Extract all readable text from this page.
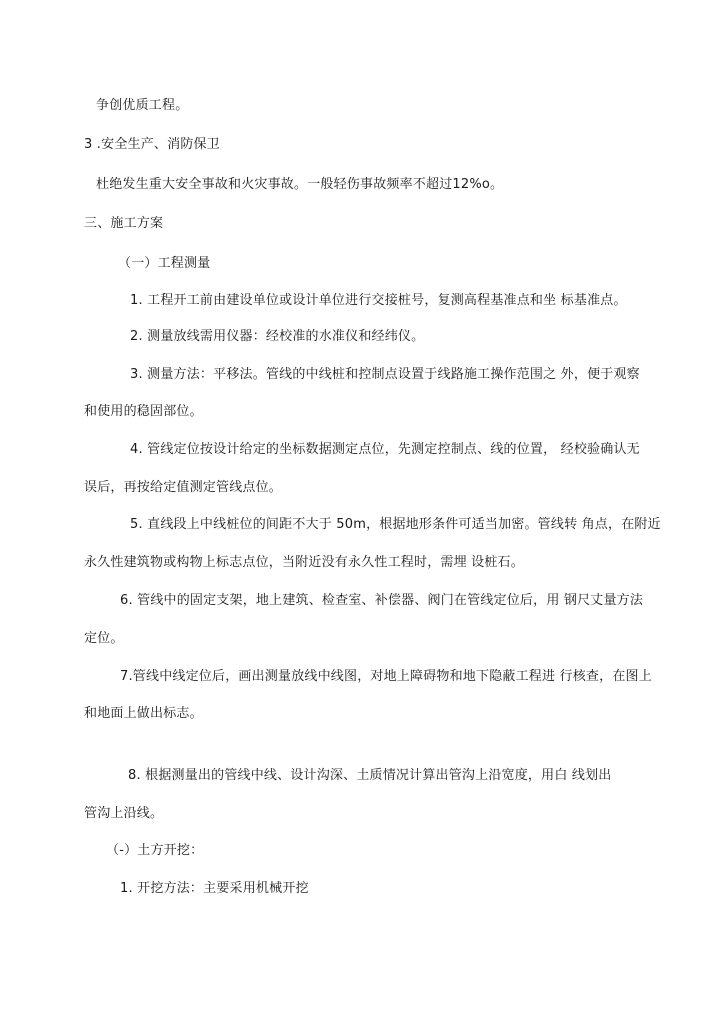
争创优质工程。
3 .安全生产、消防保卫
杜绝发生重大安全事故和火灾事故。一般轻伤事故频率不超过12%o。
三、施工方案
（一）工程测量
1. 工程开工前由建设单位或设计单位进行交接桩号，复测高程基准点和坐 标基准点。
2. 测量放线需用仪器：经校准的水准仪和经纬仪。
3. 测量方法：平移法。管线的中线桩和控制点设置于线路施工操作范围之 外，便于观察
和使用的稳固部位。
4. 管线定位按设计给定的坐标数据测定点位，先测定控制点、线的位置， 经校验确认无
误后，再按给定值测定管线点位。
5. 直线段上中线桩位的间距不大于 50m，根据地形条件可适当加密。管线转 角点，在附近
永久性建筑物或构物上标志点位，当附近没有永久性工程时，需埋 设桩石。
6. 管线中的固定支架，地上建筑、检查室、补偿器、阀门在管线定位后，用 钢尺丈量方法
定位。
7.管线中线定位后，画出测量放线中线图，对地上障碍物和地下隐蔽工程进 行核查，在图上
和地面上做出标志。
8. 根据测量出的管线中线、设计沟深、土质情况计算出管沟上沿宽度，用白 线划出
管沟上沿线。
（-）土方开挖：
1. 开挖方法：主要采用机械开挖
